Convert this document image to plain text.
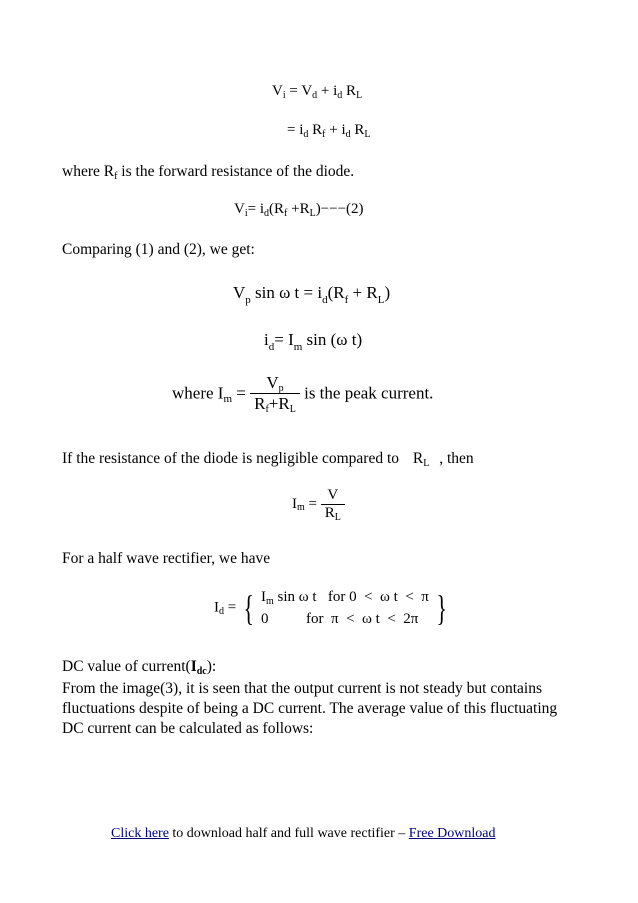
$V_i = V_d + i_d$ $R_L$
= $i_d$ $R_f + i_d$ $R_L$
where Rf is the forward resistance of the diode.
$V_i= i_d(R_f +R_L)---(2)$
Comparing (1) and (2), we get:
$V_p$ sin ω $t = i_d(R_f + R_L)$
$i_d= I_m$ sin (ω t)
where $I_m = \frac{Vp}{Rf+RL}$ is the peak current.
If the resistance of the diode is negligible compared to RL , then
$I_m = \frac{V}{R_L}$
For a half wave rectifier, we have
$I_d$ = { $I_m$ sin ω t   for 0  <  ω t  <  π
0          for  π  <  ω t  <  2π }
DC value of current(Idc):
From the image(3), it is seen that the output current is not steady but contains fluctuations despite of being a DC current. The average value of this fluctuating DC current can be calculated as follows:
Click here to download half and full wave rectifier – Free Download
